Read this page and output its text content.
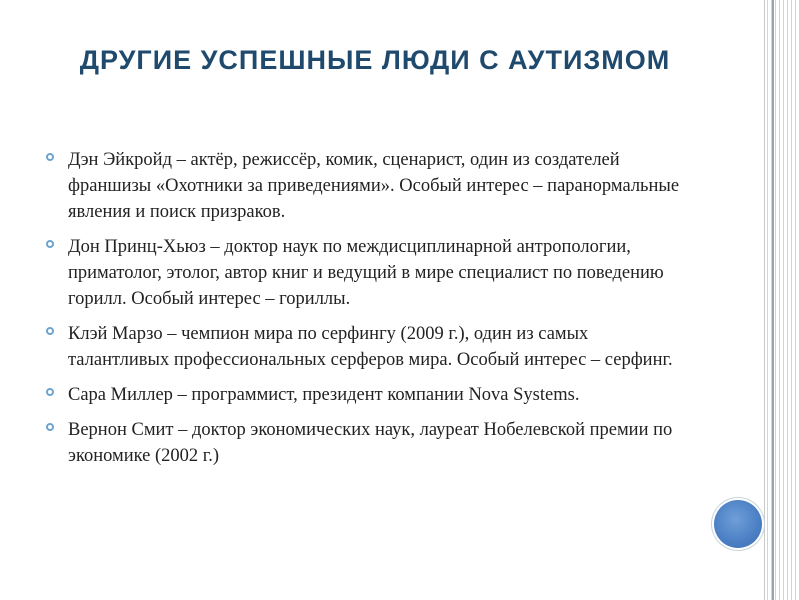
ДРУГИЕ УСПЕШНЫЕ ЛЮДИ С АУТИЗМОМ
Дэн Эйкройд – актёр, режиссёр, комик, сценарист, один из создателей франшизы «Охотники за приведениями». Особый интерес – паранормальные явления и поиск призраков.
Дон Принц-Хьюз – доктор наук по междисциплинарной антропологии, приматолог, этолог, автор книг и ведущий в мире специалист по поведению горилл. Особый интерес – гориллы.
Клэй Марзо – чемпион мира по серфингу (2009 г.), один из самых талантливых профессиональных серферов мира. Особый интерес – серфинг.
Сара Миллер – программист, президент компании Nova Systems.
Вернон Смит – доктор экономических наук, лауреат Нобелевской премии по экономике (2002 г.)
